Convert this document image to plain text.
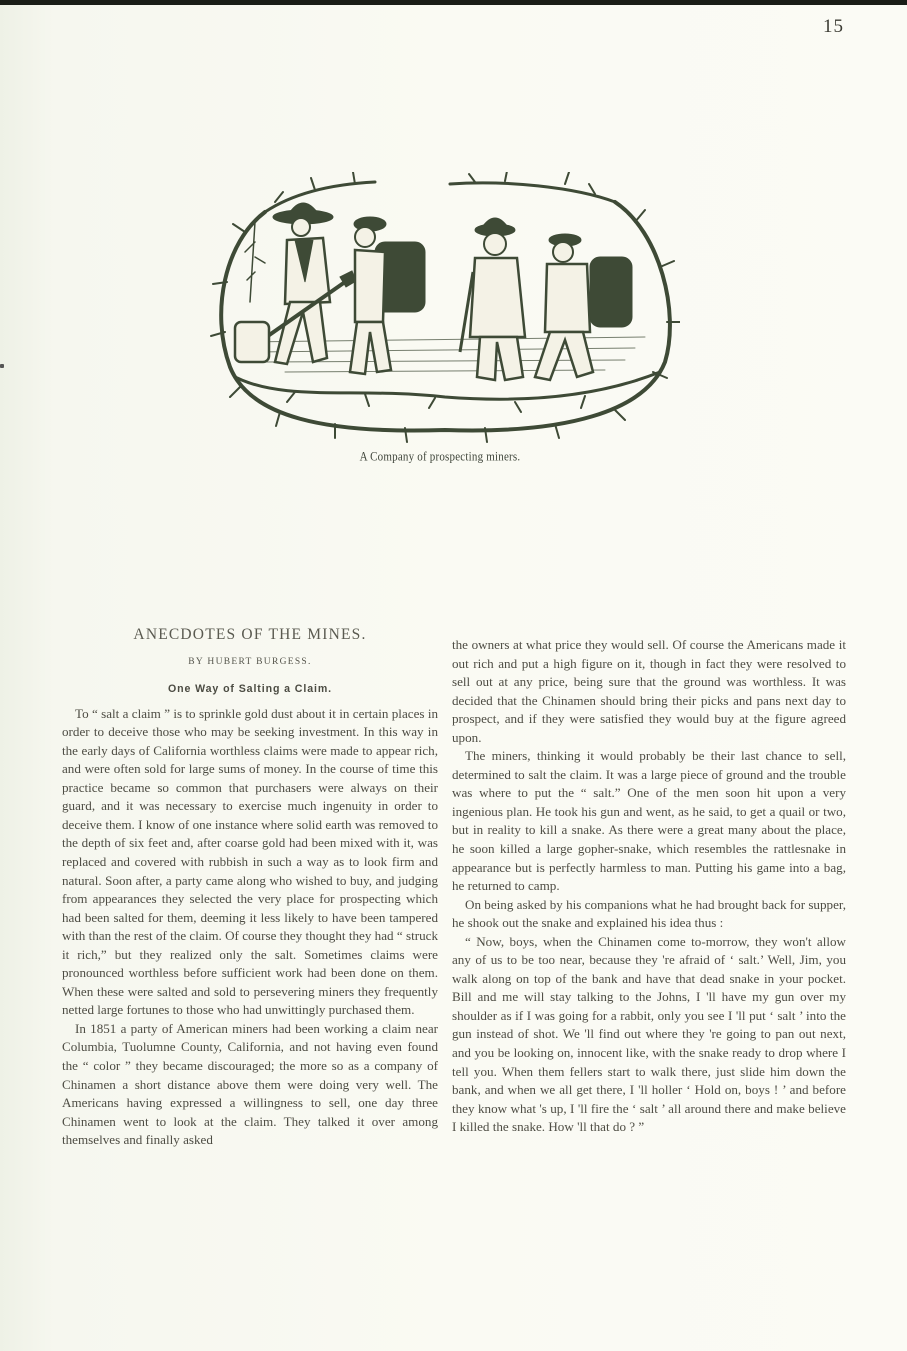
15
A Company of prospecting miners.
ANECDOTES OF THE MINES.
BY HUBERT BURGESS.
One Way of Salting a Claim.

To “ salt a claim ” is to sprinkle gold dust about it in certain places in order to deceive those who may be seeking investment. In this way in the early days of California worthless claims were made to appear rich, and were often sold for large sums of money. In the course of time this practice became so common that purchasers were always on their guard, and it was necessary to exercise much ingenuity in order to deceive them. I know of one instance where solid earth was removed to the depth of six feet and, after coarse gold had been mixed with it, was replaced and covered with rubbish in such a way as to look firm and natural. Soon after, a party came along who wished to buy, and judging from appearances they selected the very place for prospecting which had been salted for them, deeming it less likely to have been tampered with than the rest of the claim. Of course they thought they had “ struck it rich,” but they realized only the salt. Sometimes claims were pronounced worthless before sufficient work had been done on them. When these were salted and sold to persevering miners they frequently netted large fortunes to those who had unwittingly purchased them.

In 1851 a party of American miners had been working a claim near Columbia, Tuolumne County, California, and not having even found the “ color ” they became discouraged; the more so as a company of Chinamen a short distance above them were doing very well. The Americans having expressed a willingness to sell, one day three Chinamen went to look at the claim. They talked it over among themselves and finally asked

the owners at what price they would sell. Of course the Americans made it out rich and put a high figure on it, though in fact they were resolved to sell out at any price, being sure that the ground was worthless. It was decided that the Chinamen should bring their picks and pans next day to prospect, and if they were satisfied they would buy at the figure agreed upon.

The miners, thinking it would probably be their last chance to sell, determined to salt the claim. It was a large piece of ground and the trouble was where to put the “ salt.” One of the men soon hit upon a very ingenious plan. He took his gun and went, as he said, to get a quail or two, but in reality to kill a snake. As there were a great many about the place, he soon killed a large gopher-snake, which resembles the rattlesnake in appearance but is perfectly harmless to man. Putting his game into a bag, he returned to camp.

On being asked by his companions what he had brought back for supper, he shook out the snake and explained his idea thus :

“ Now, boys, when the Chinamen come to-morrow, they won't allow any of us to be too near, because they 're afraid of ‘ salt.’ Well, Jim, you walk along on top of the bank and have that dead snake in your pocket. Bill and me will stay talking to the Johns, I 'll have my gun over my shoulder as if I was going for a rabbit, only you see I 'll put ‘ salt ’ into the gun instead of shot. We 'll find out where they 're going to pan out next, and you be looking on, innocent like, with the snake ready to drop where I tell you. When them fellers start to walk there, just slide him down the bank, and when we all get there, I 'll holler ‘ Hold on, boys ! ’ and before they know what 's up, I 'll fire the ‘ salt ’ all around there and make believe I killed the snake. How 'll that do ? ”
